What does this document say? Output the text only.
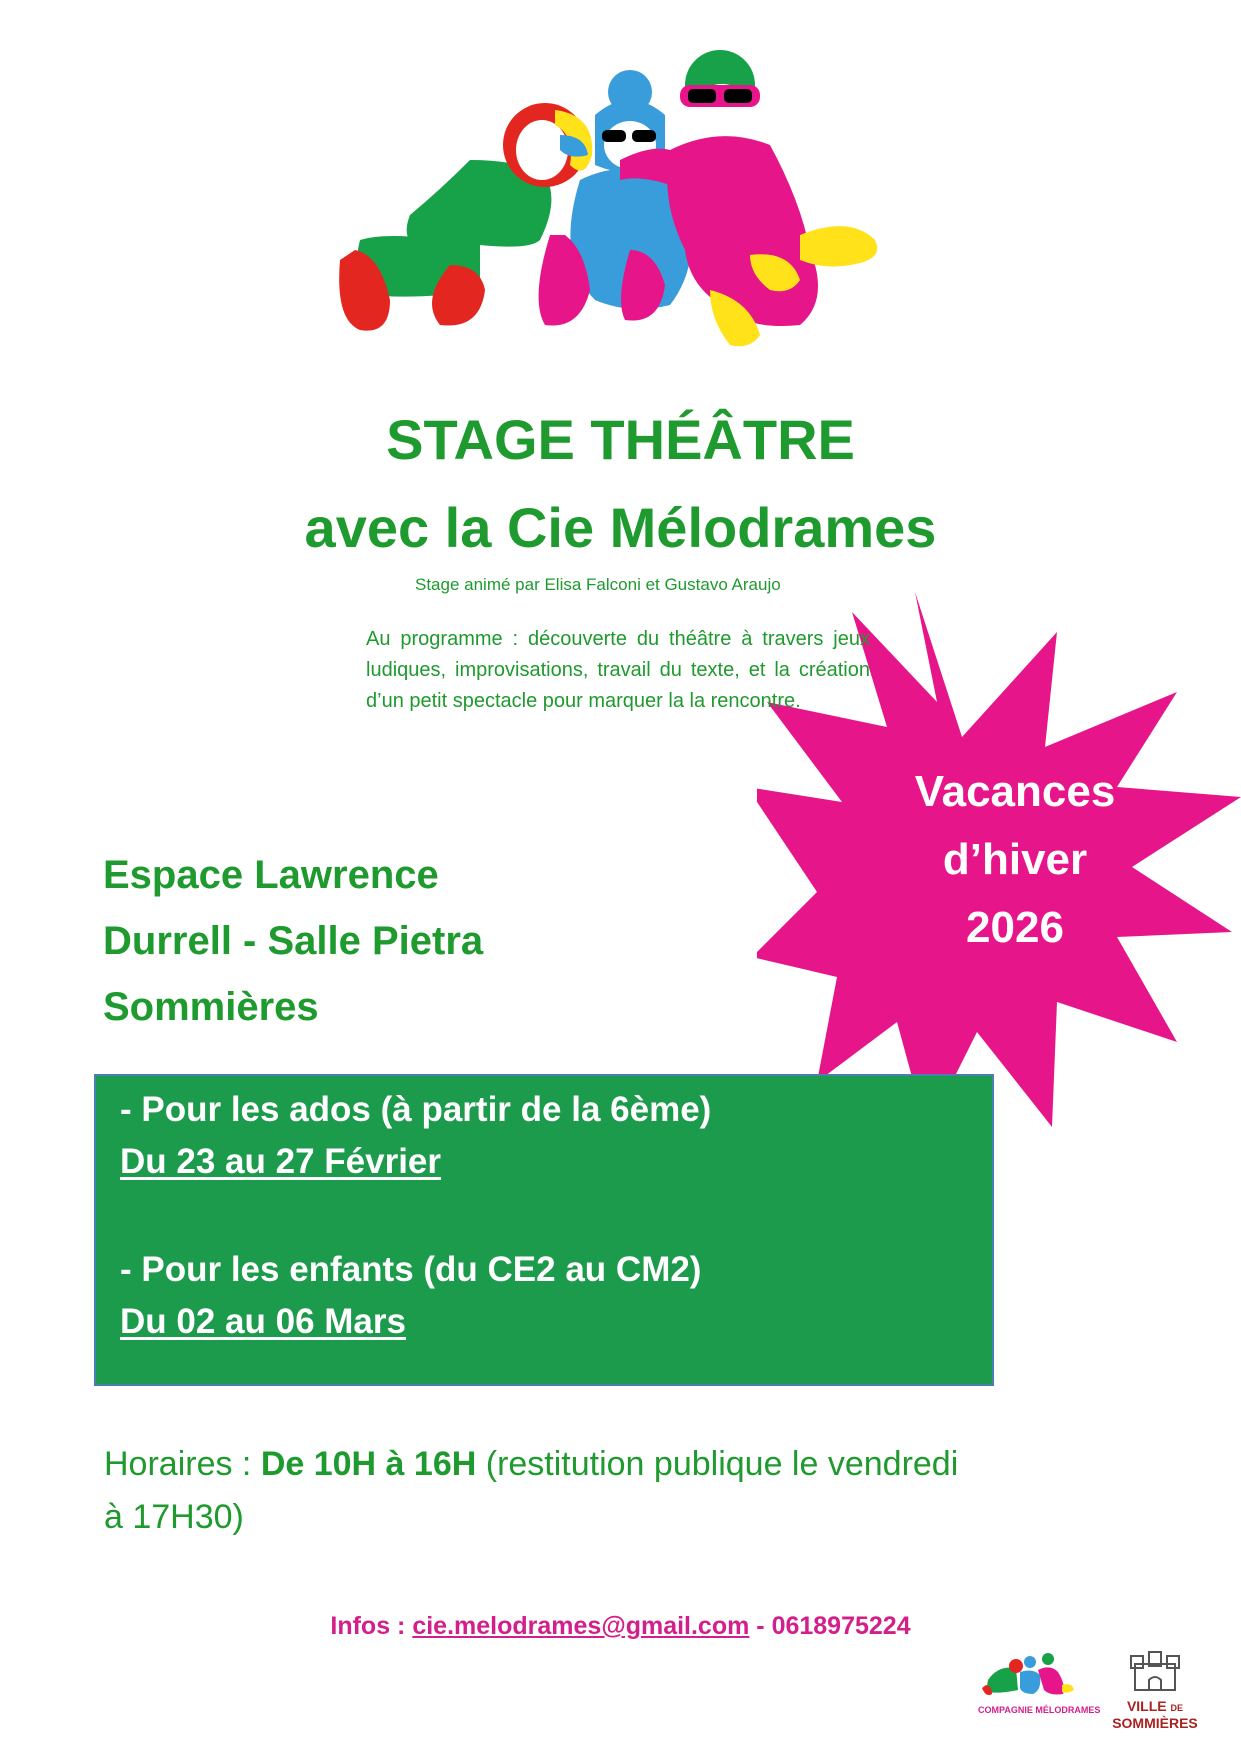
STAGE THÉÂTRE
avec la Cie Mélodrames
Stage animé par Elisa Falconi et Gustavo Araujo
Au programme : découverte du théâtre à travers jeux ludiques, improvisations, travail du texte, et la création d’un petit spectacle pour marquer la la rencontre.
Vacances
d’hiver
2026
Espace Lawrence
Durrell - Salle Pietra
Sommières
- Pour les ados (à partir de la 6ème)
Du 23 au 27 Février
- Pour les enfants (du CE2 au CM2)
Du 02 au 06 Mars
Horaires : De 10H à 16H (restitution publique le vendredi à 17H30)
Infos : cie.melodrames@gmail.com - 0618975224
COMPAGNIE MÉLODRAMES	VILLE DE
SOMMIÈRES
